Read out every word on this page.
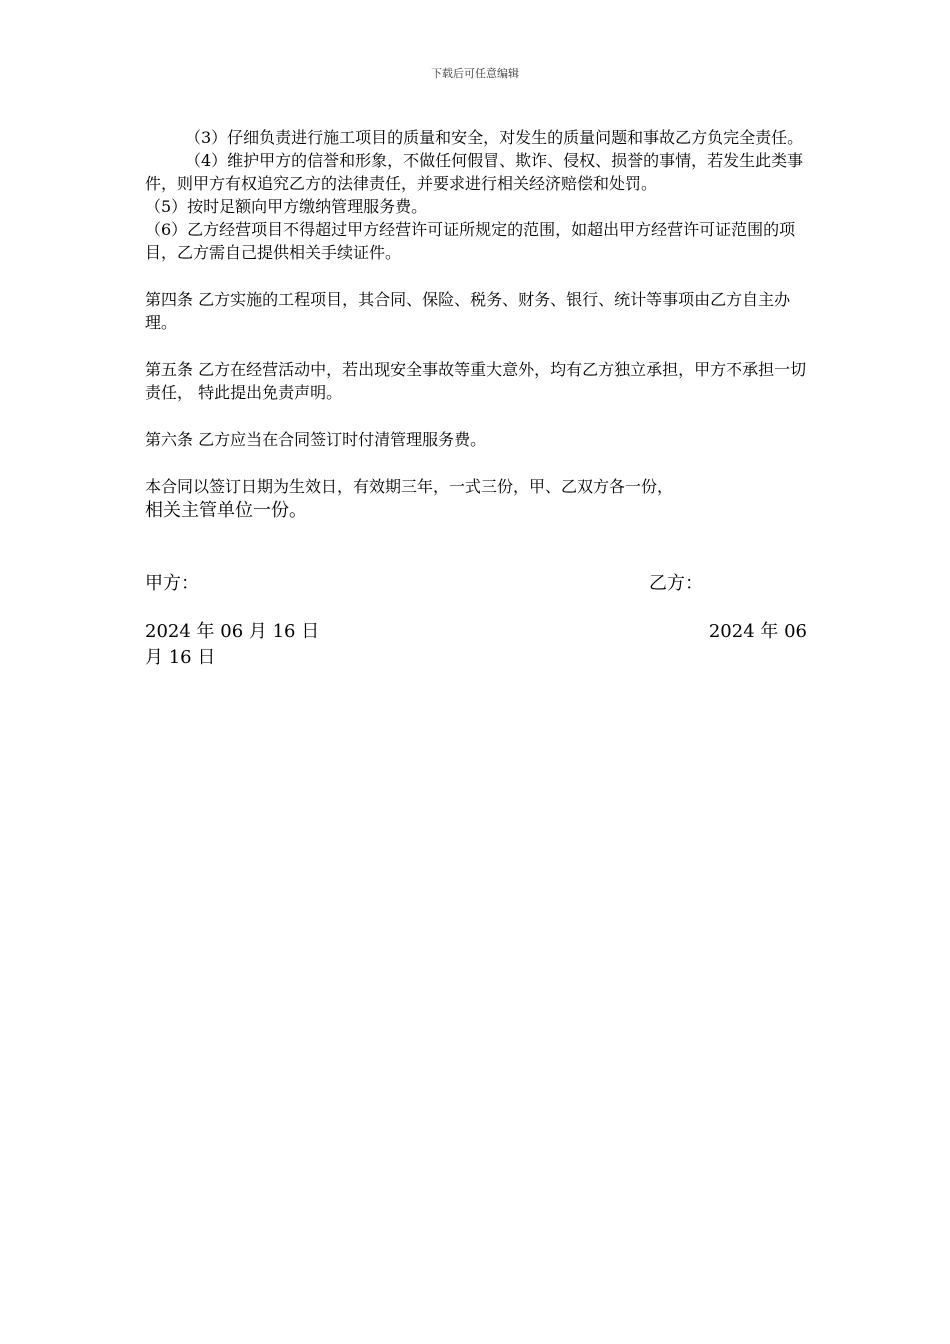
下载后可任意编辑

（3）仔细负责进行施工项目的质量和安全，对发生的质量问题和事故乙方负完全责任。

（4）维护甲方的信誉和形象，不做任何假冒、欺诈、侵权、损誉的事情，若发生此类事件，则甲方有权追究乙方的法律责任，并要求进行相关经济赔偿和处罚。

（5）按时足额向甲方缴纳管理服务费。

（6）乙方经营项目不得超过甲方经营许可证所规定的范围，如超出甲方经营许可证范围的项目，乙方需自己提供相关手续证件。

第四条 乙方实施的工程项目，其合同、保险、税务、财务、银行、统计等事项由乙方自主办理。

第五条 乙方在经营活动中，若出现安全事故等重大意外，均有乙方独立承担，甲方不承担一切责任， 特此提出免责声明。

第六条 乙方应当在合同签订时付清管理服务费。

本合同以签订日期为生效日，有效期三年，一式三份，甲、乙双方各一份，

相关主管单位一份。

甲方：	乙方：
2024 年 06 月 16 日	2024 年 06
月 16 日
